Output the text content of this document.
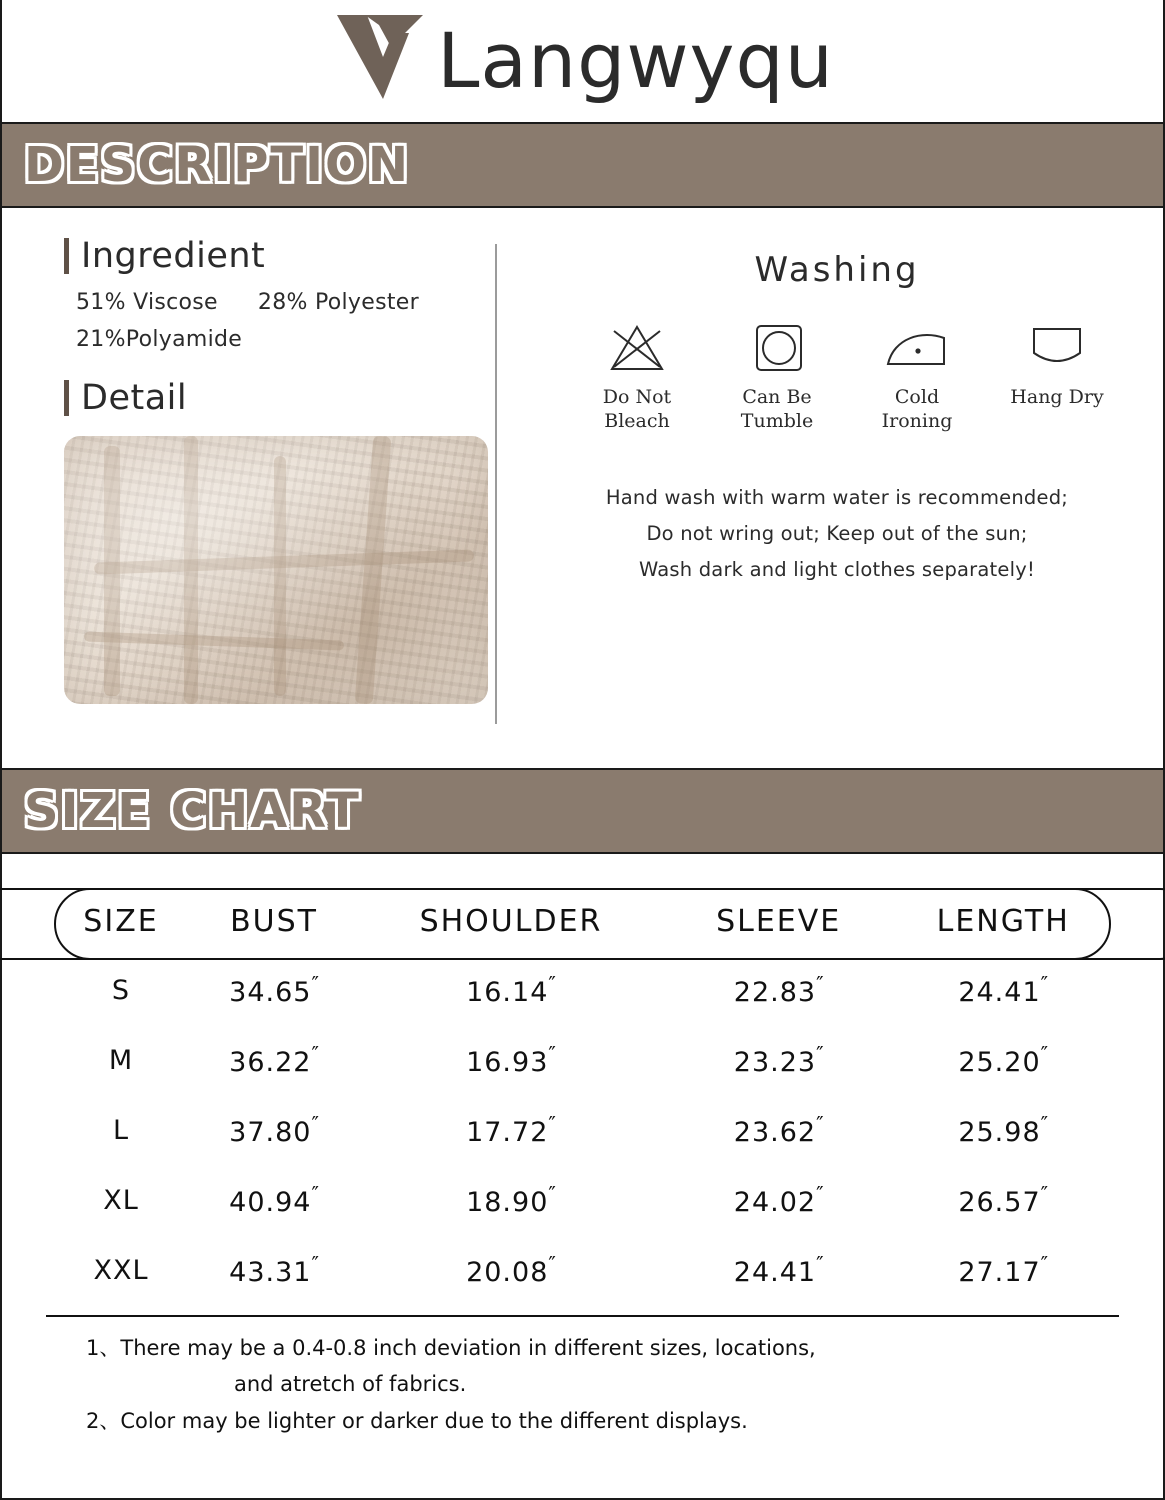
Langwyqu
DESCRIPTION
Ingredient
51% Viscose 28% Polyester
21%Polyamide
Detail
Washing
Do Not
Bleach
Can Be
Tumble
Cold
Ironing
Hang Dry
Hand wash with warm water is recommended;
Do not wring out; Keep out of the sun;
Wash dark and light clothes separately!
SIZE CHART
SIZE	BUST	SHOULDER	SLEEVE	LENGTH
S	34.65″	16.14″	22.83″	24.41″
M	36.22″	16.93″	23.23″	25.20″
L	37.80″	17.72″	23.62″	25.98″
XL	40.94″	18.90″	24.02″	26.57″
XXL	43.31″	20.08″	24.41″	27.17″
1、There may be a 0.4-0.8 inch deviation in different sizes, locations,
and atretch of fabrics.
2、Color may be lighter or darker due to the different displays.
